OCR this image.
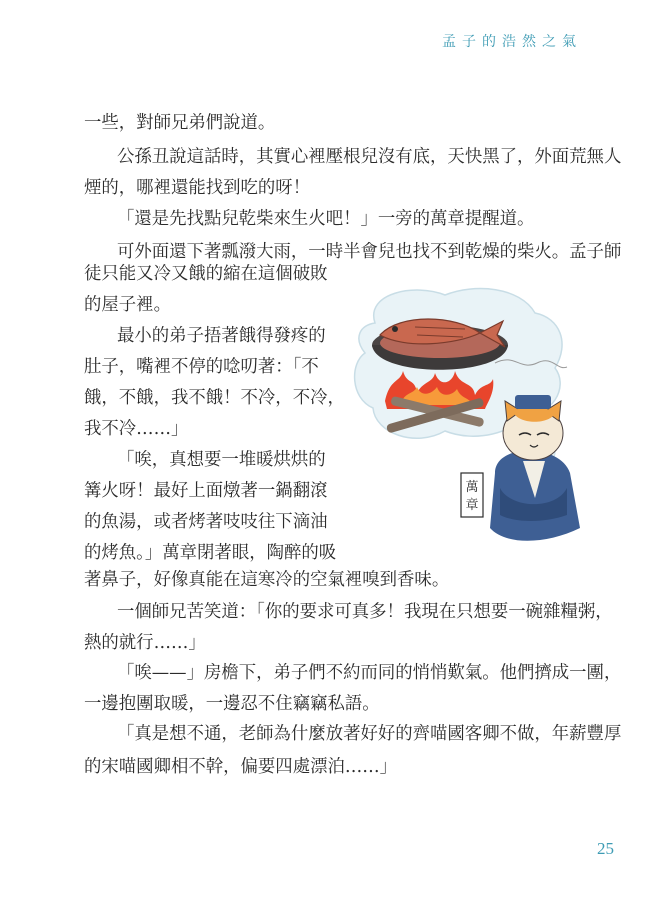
孟子的浩然之氣
一些，對師兄弟們說道。
公孫丑說這話時，其實心裡壓根兒沒有底，天快黑了，外面荒無人
煙的，哪裡還能找到吃的呀！
「還是先找點兒乾柴來生火吧！」一旁的萬章提醒道。
可外面還下著瓢潑大雨，一時半會兒也找不到乾燥的柴火。孟子師
徒只能又冷又餓的縮在這個破敗
的屋子裡。
最小的弟子捂著餓得發疼的
肚子，嘴裡不停的唸叨著：「不
餓，不餓，我不餓！不冷，不冷，
我不冷……」
「唉，真想要一堆暖烘烘的
篝火呀！最好上面燉著一鍋翻滾
的魚湯，或者烤著吱吱往下滴油
的烤魚。」萬章閉著眼，陶醉的吸
著鼻子，好像真能在這寒冷的空氣裡嗅到香味。
一個師兄苦笑道：「你的要求可真多！我現在只想要一碗雜糧粥，
熱的就行……」
「唉——」房檐下，弟子們不約而同的悄悄歎氣。他們擠成一團，
一邊抱團取暖，一邊忍不住竊竊私語。
「真是想不通，老師為什麼放著好好的齊喵國客卿不做，年薪豐厚
的宋喵國卿相不幹，偏要四處漂泊……」
萬
章
25
